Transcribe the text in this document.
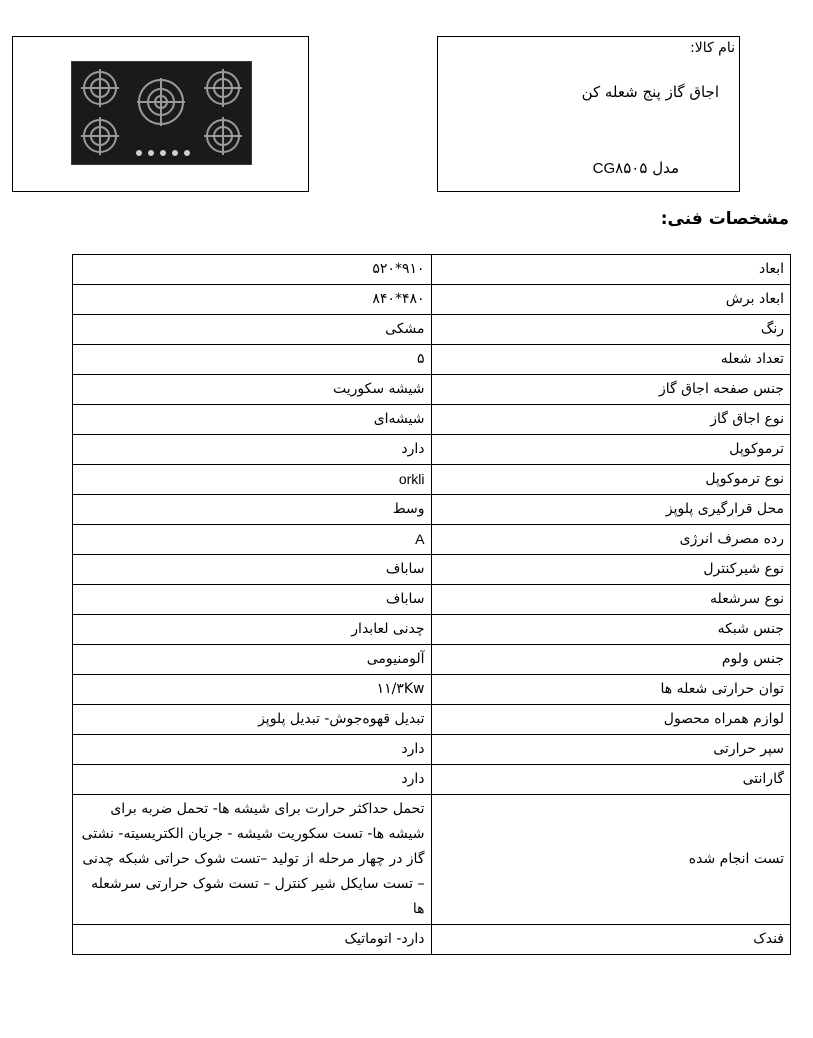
نام کالا:
اجاق گاز پنج شعله کن
مدل CG۸۵۰۵
مشخصات فنی:
ابعاد	۹۱۰*۵۲۰
ابعاد برش	۴۸۰*۸۴۰
رنگ	مشکی
تعداد شعله	۵
جنس صفحه اجاق گاز	شیشه سکوریت
نوع اجاق گاز	شیشه‌ای
ترموکوپل	دارد
نوع ترموکوپل	orkli
محل قرارگیری پلوپز	وسط
رده مصرف انرژی	A
نوع شیرکنترل	ساباف
نوع سرشعله	ساباف
جنس شبکه	چدنی لعابدار
جنس ولوم	آلومنیومی
توان حرارتی شعله ها	۱۱/۳Kw
لوازم همراه محصول	تبدیل قهوه‌جوش- تبدیل پلوپز
سپر حرارتی	دارد
گارانتی	دارد
تست انجام شده	تحمل حداکثر حرارت برای شیشه ها- تحمل ضربه برای شیشه ها- تست سکوریت شیشه - جریان الکتریسیته- نشتی گاز در چهار مرحله از تولید –تست شوک حراتی شبکه چدنی – تست سایکل شیر کنترل – تست شوک حرارتی سرشعله ها
فندک	دارد- اتوماتیک
